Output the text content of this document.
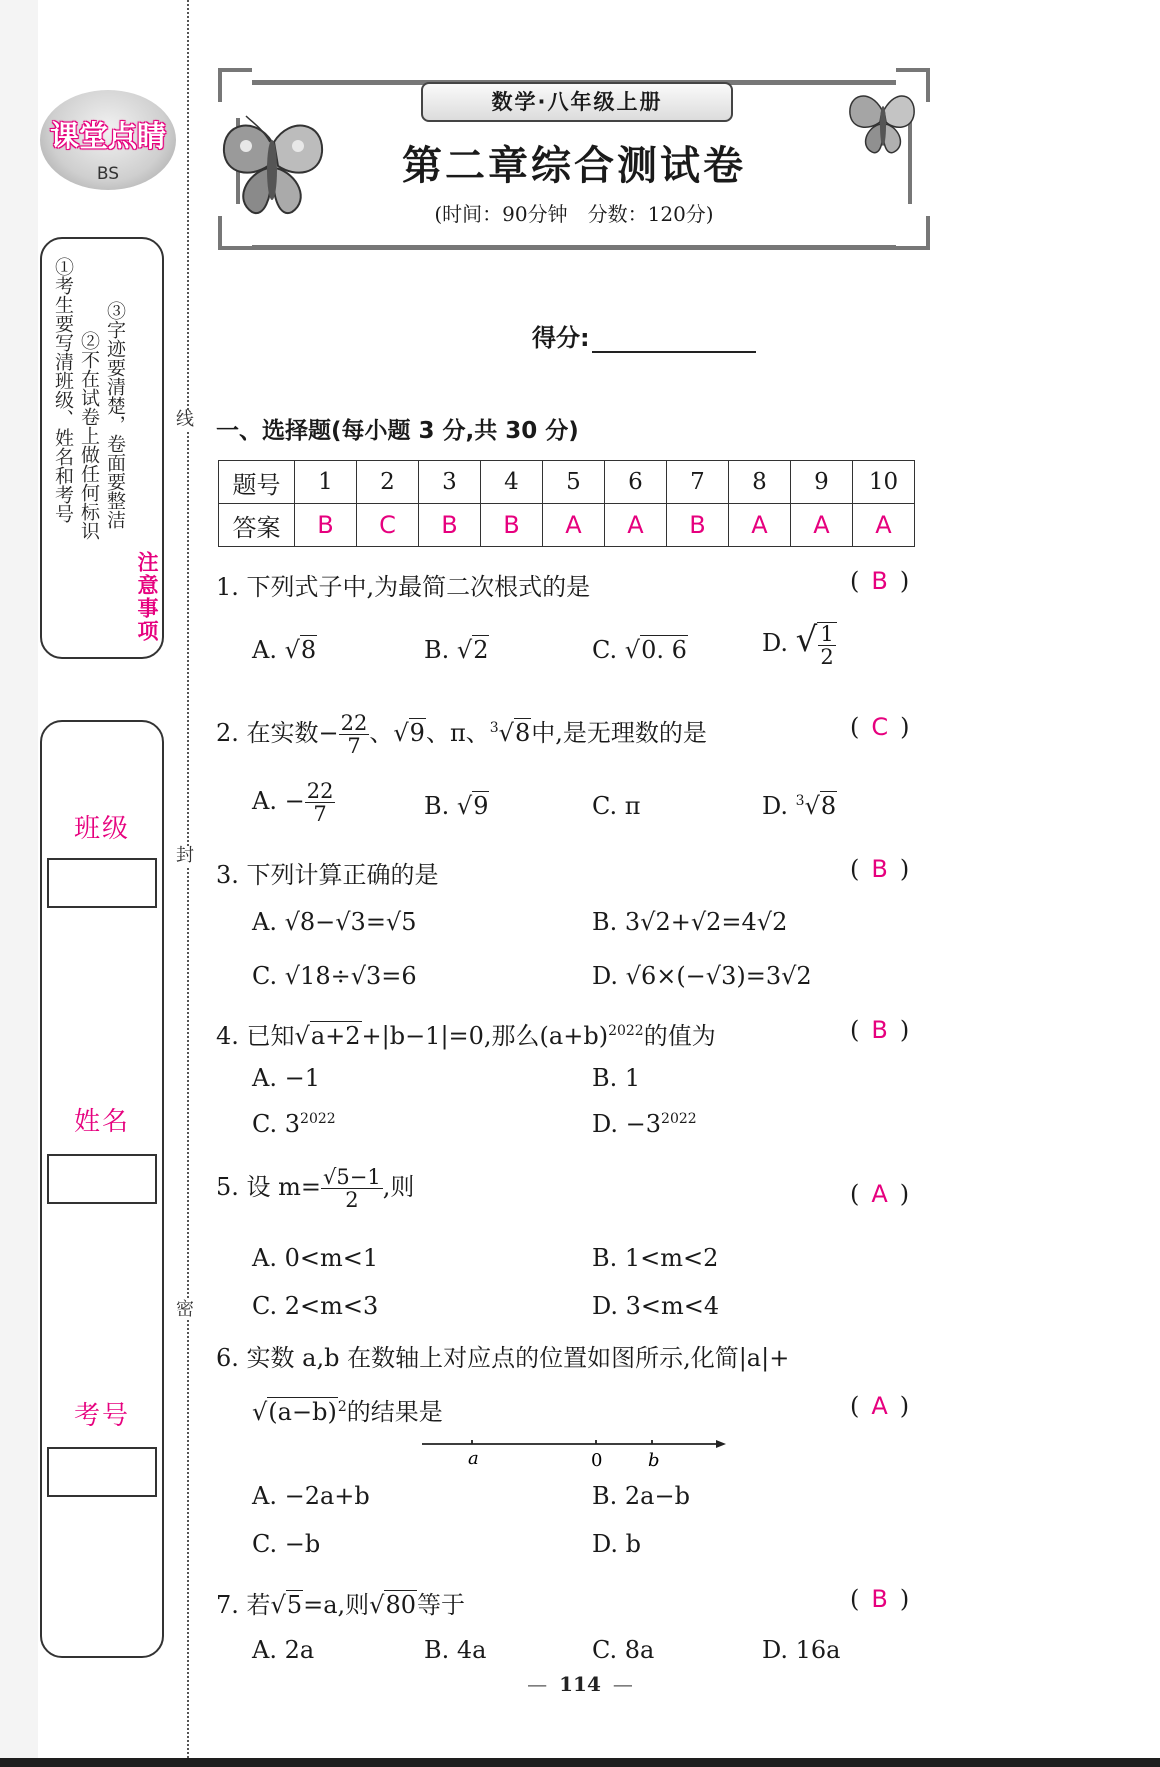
线
封
密
课堂点睛
BS
①考生要写清班级、姓名和考号 ②不在试卷上做任何标识 ③字迹要清楚，卷面要整洁
注意事项
班级
姓名
考号
数学·八年级上册
第二章综合测试卷
(时间：90分钟　分数：120分)
得分:
一、选择题(每小题 3 分,共 30 分)
题号	1	2	3	4	5	6	7	8	9	10
答案	B	C	B	B	A	A	B	A	A	A
1. 下列式子中,为最简二次根式的是	( B )
A. √8	B. √2	C. √0. 6	D. √ $\frac{1}{2}$
2. 在实数− $\frac{22}{7}$ 、√9、π、$^3$√8中,是无理数的是	( C )
A. − $\frac{22}{7}$	B. √9	C. π	D. $^3$√8
3. 下列计算正确的是	( B )
A. √8−√3=√5	B. 3√2+√2=4√2
C. √18÷√3=6	D. √6×(−√3)=3√2
4. 已知√a+2+|b−1|=0,那么$(a+b)^{2022}$的值为	( B )
A. −1	B. 1
C. $3^{2022}$	D. $-3^{2022}$
5. 设 $m= \frac{√5-1}{2}$ ,则	( A )
A. 0<m<1	B. 1<m<2
C. 2<m<3	D. 3<m<4
6. 实数 a,b 在数轴上对应点的位置如图所示,化简|a|+
$√(a-b)^2$的结果是	( A )
a	0	b
A. −2a+b	B. 2a−b
C. −b	D. b
7. 若√5=a,则√80等于	( B )
A. 2a	B. 4a	C. 8a	D. 16a
— 114 —
